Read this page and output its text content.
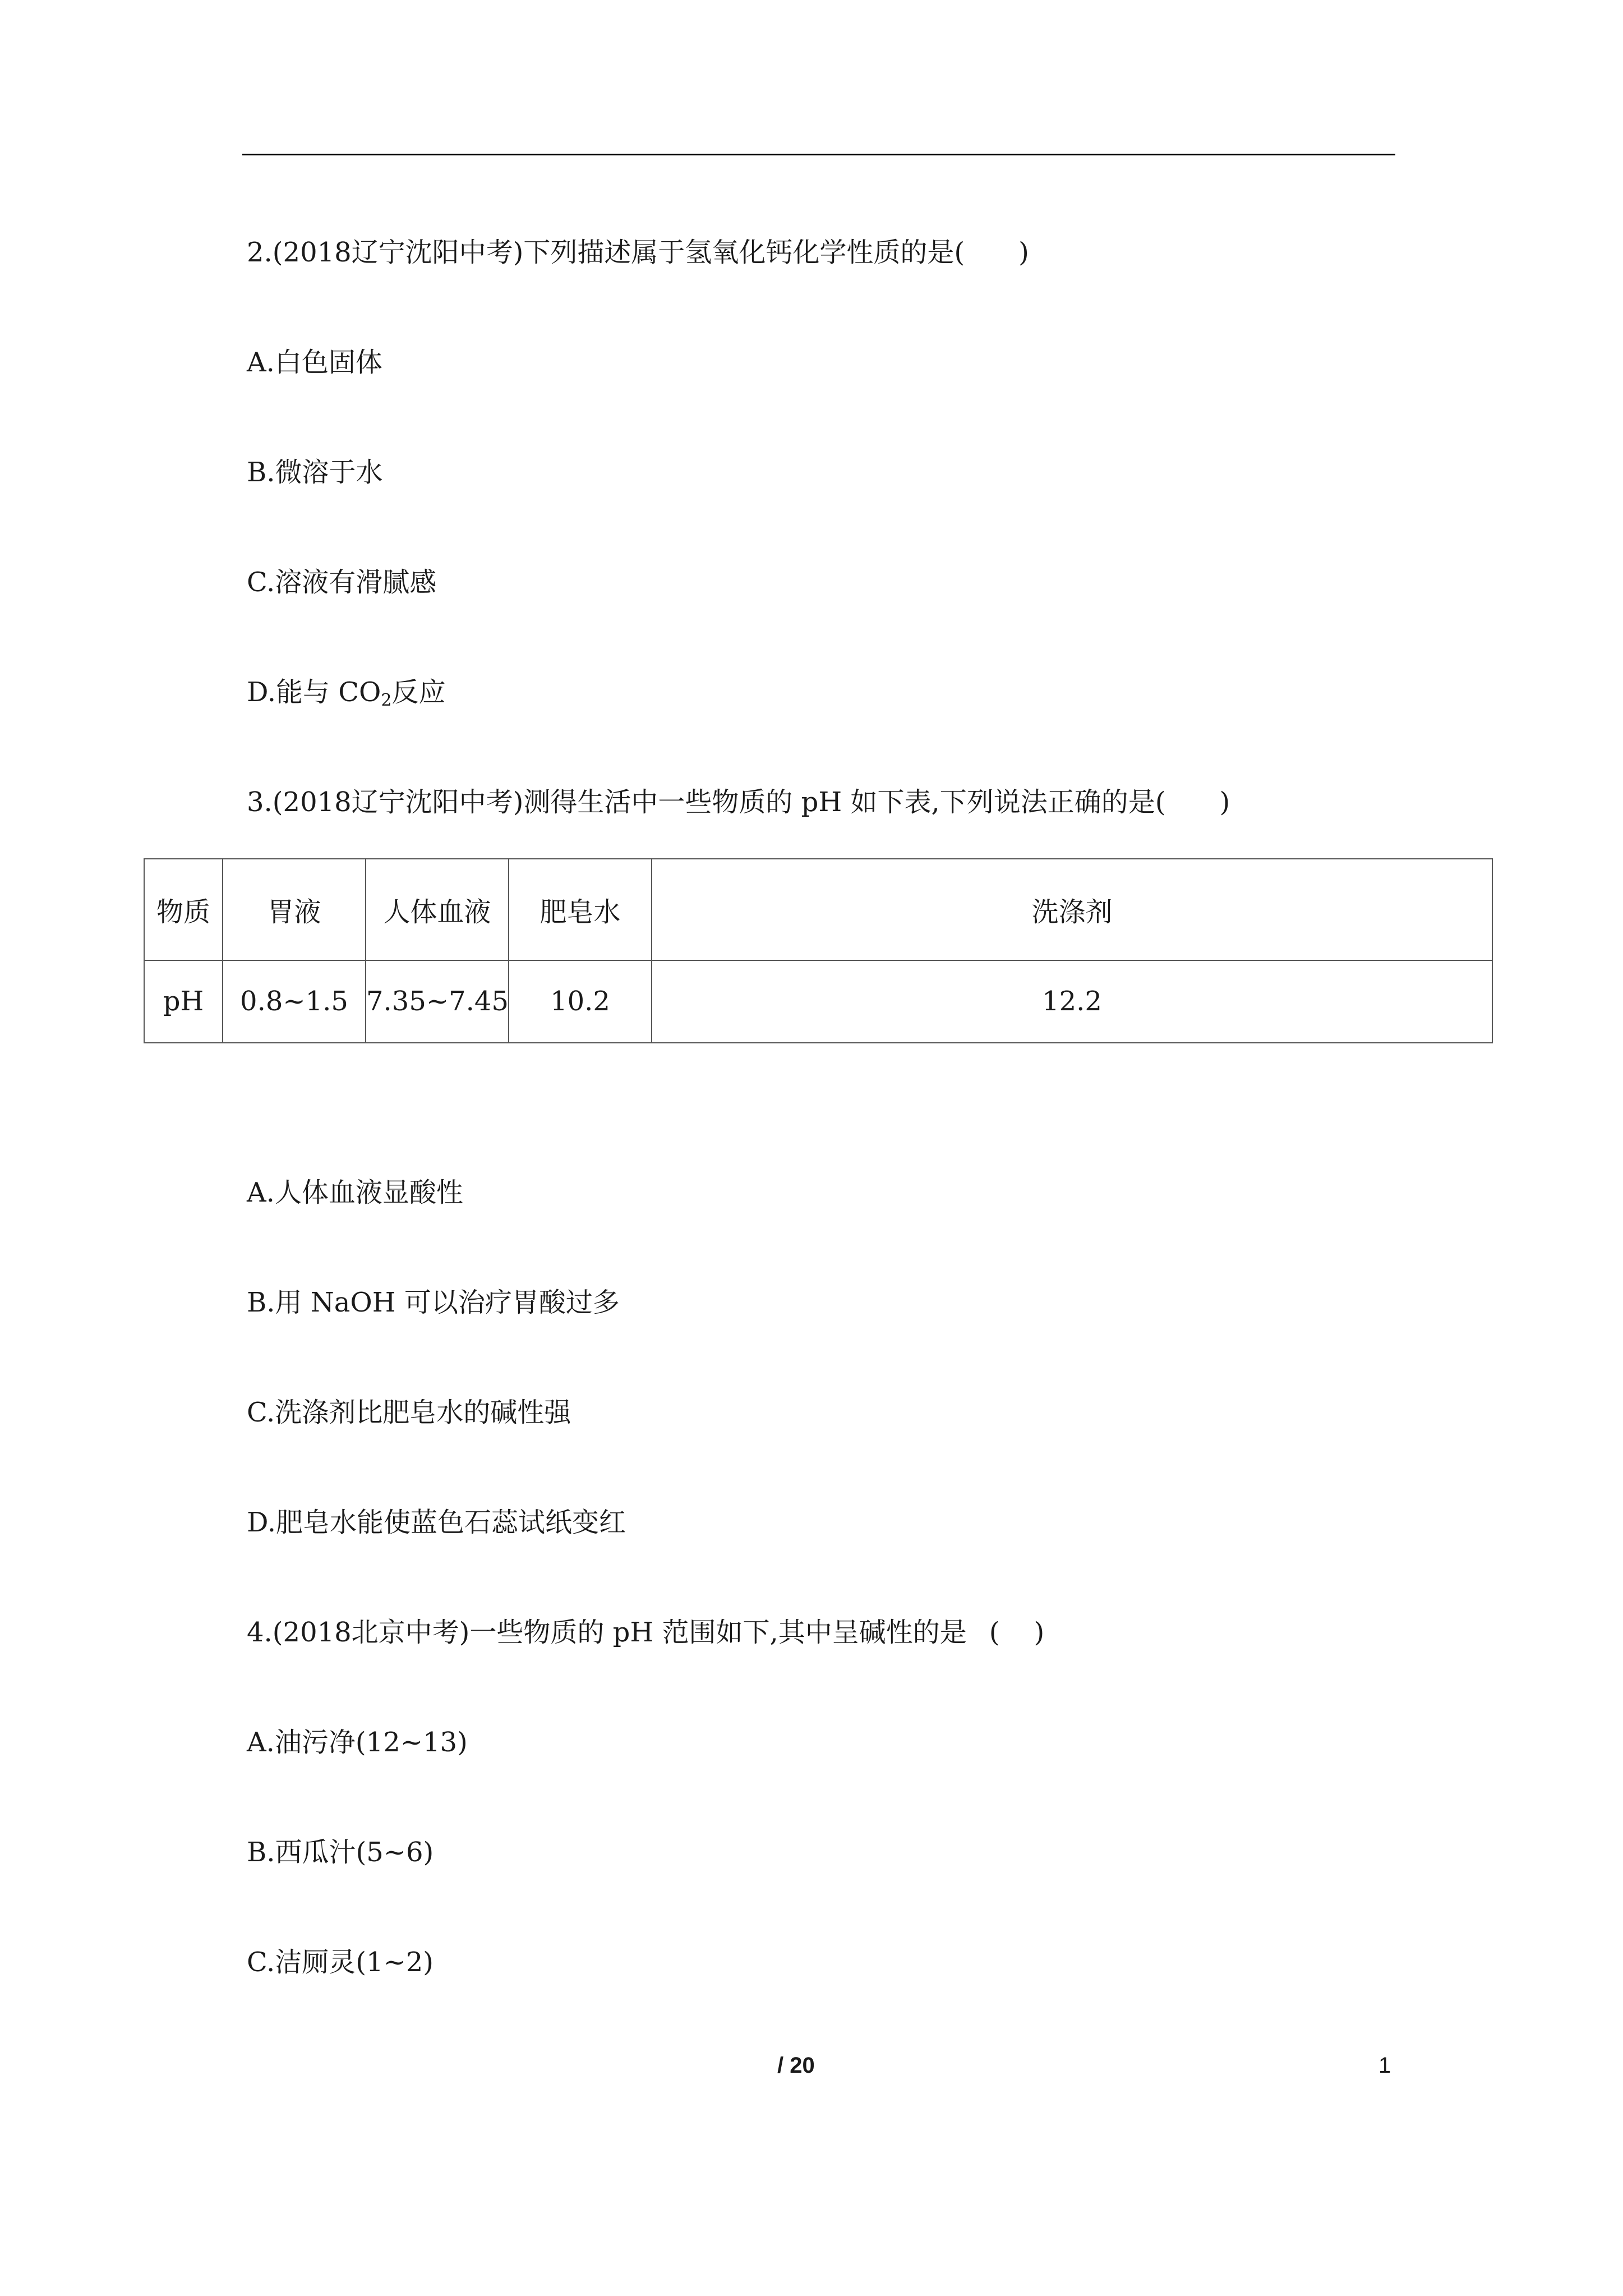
2.(2018辽宁沈阳中考)下列描述属于氢氧化钙化学性质的是( )
A.白色固体
B.微溶于水
C.溶液有滑腻感
D.能与 $CO_2$反应
3.(2018辽宁沈阳中考)测得生活中一些物质的 pH 如下表,下列说法正确的是( )
物质	胃液	人体血液	肥皂水	洗涤剂
pH	0.8~1.5	7.35~7.45	10.2	12.2
A.人体血液显酸性
B.用 NaOH 可以治疗胃酸过多
C.洗涤剂比肥皂水的碱性强
D.肥皂水能使蓝色石蕊试纸变红
4.(2018北京中考)一些物质的 pH 范围如下,其中呈碱性的是 (    )
A.油污净(12~13)
B.西瓜汁(5~6)
C.洁厕灵(1~2)
/ 20	1
